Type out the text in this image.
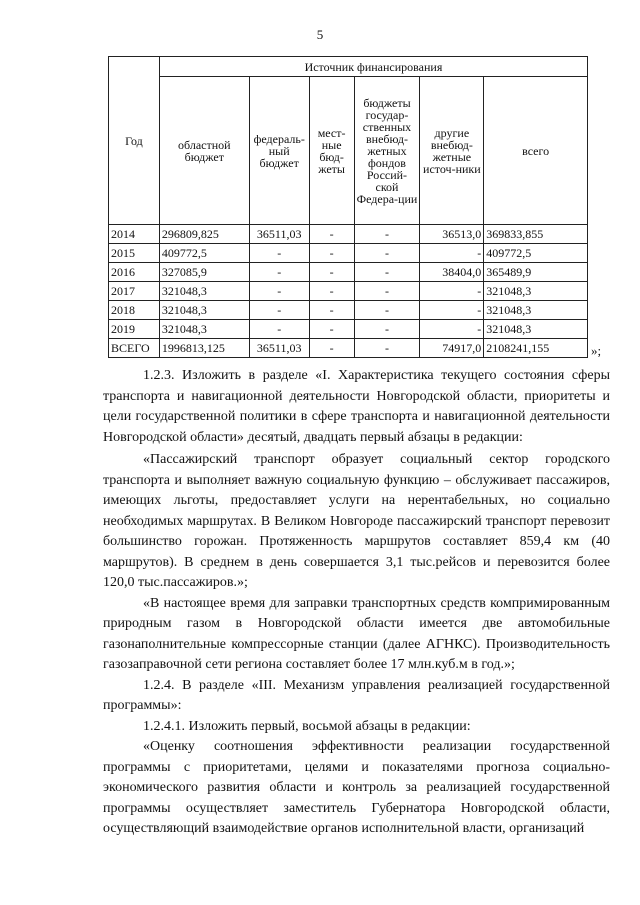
5
Год	Источник финансирования					
	областной бюджет	федераль-ный бюджет	мест-ные бюд-жеты	бюджеты государ-ственных внебюд-жетных фондов Россий-ской Федера-ции	другие внебюд-жетные источ-ники	всего
2014	296809,825	36511,03	-	-	36513,0	369833,855
2015	409772,5	-	-	-	-	409772,5
2016	327085,9	-	-	-	38404,0	365489,9
2017	321048,3	-	-	-	-	321048,3
2018	321048,3	-	-	-	-	321048,3
2019	321048,3	-	-	-	-	321048,3
ВСЕГО	1996813,125	36511,03	-	-	74917,0	2108241,155	»;

1.2.3. Изложить в разделе «I. Характеристика текущего состояния сферы транспорта и навигационной деятельности Новгородской области, приоритеты и цели государственной политики в сфере транспорта и навигационной деятельности Новгородской области» десятый, двадцать первый абзацы в редакции:

«Пассажирский транспорт образует социальный сектор городского транспорта и выполняет важную социальную функцию – обслуживает пассажиров, имеющих льготы, предоставляет услуги на нерентабельных, но социально необходимых маршрутах. В Великом Новгороде пассажирский транспорт перевозит большинство горожан. Протяженность маршрутов составляет 859,4 км (40 маршрутов). В среднем в день совершается 3,1 тыс.рейсов и перевозится более 120,0 тыс.пассажиров.»;

«В настоящее время для заправки транспортных средств компримированным природным газом в Новгородской области имеется две автомобильные газонаполнительные компрессорные станции (далее АГНКС). Производительность газозаправочной сети региона составляет более 17 млн.куб.м в год.»;

1.2.4. В разделе «III. Механизм управления реализацией государственной программы»:

1.2.4.1. Изложить первый, восьмой абзацы в редакции:

«Оценку соотношения эффективности реализации государственной программы с приоритетами, целями и показателями прогноза социально-экономического развития области и контроль за реализацией государственной программы осуществляет заместитель Губернатора Новгородской области, осуществляющий взаимодействие органов исполнительной власти, организаций
